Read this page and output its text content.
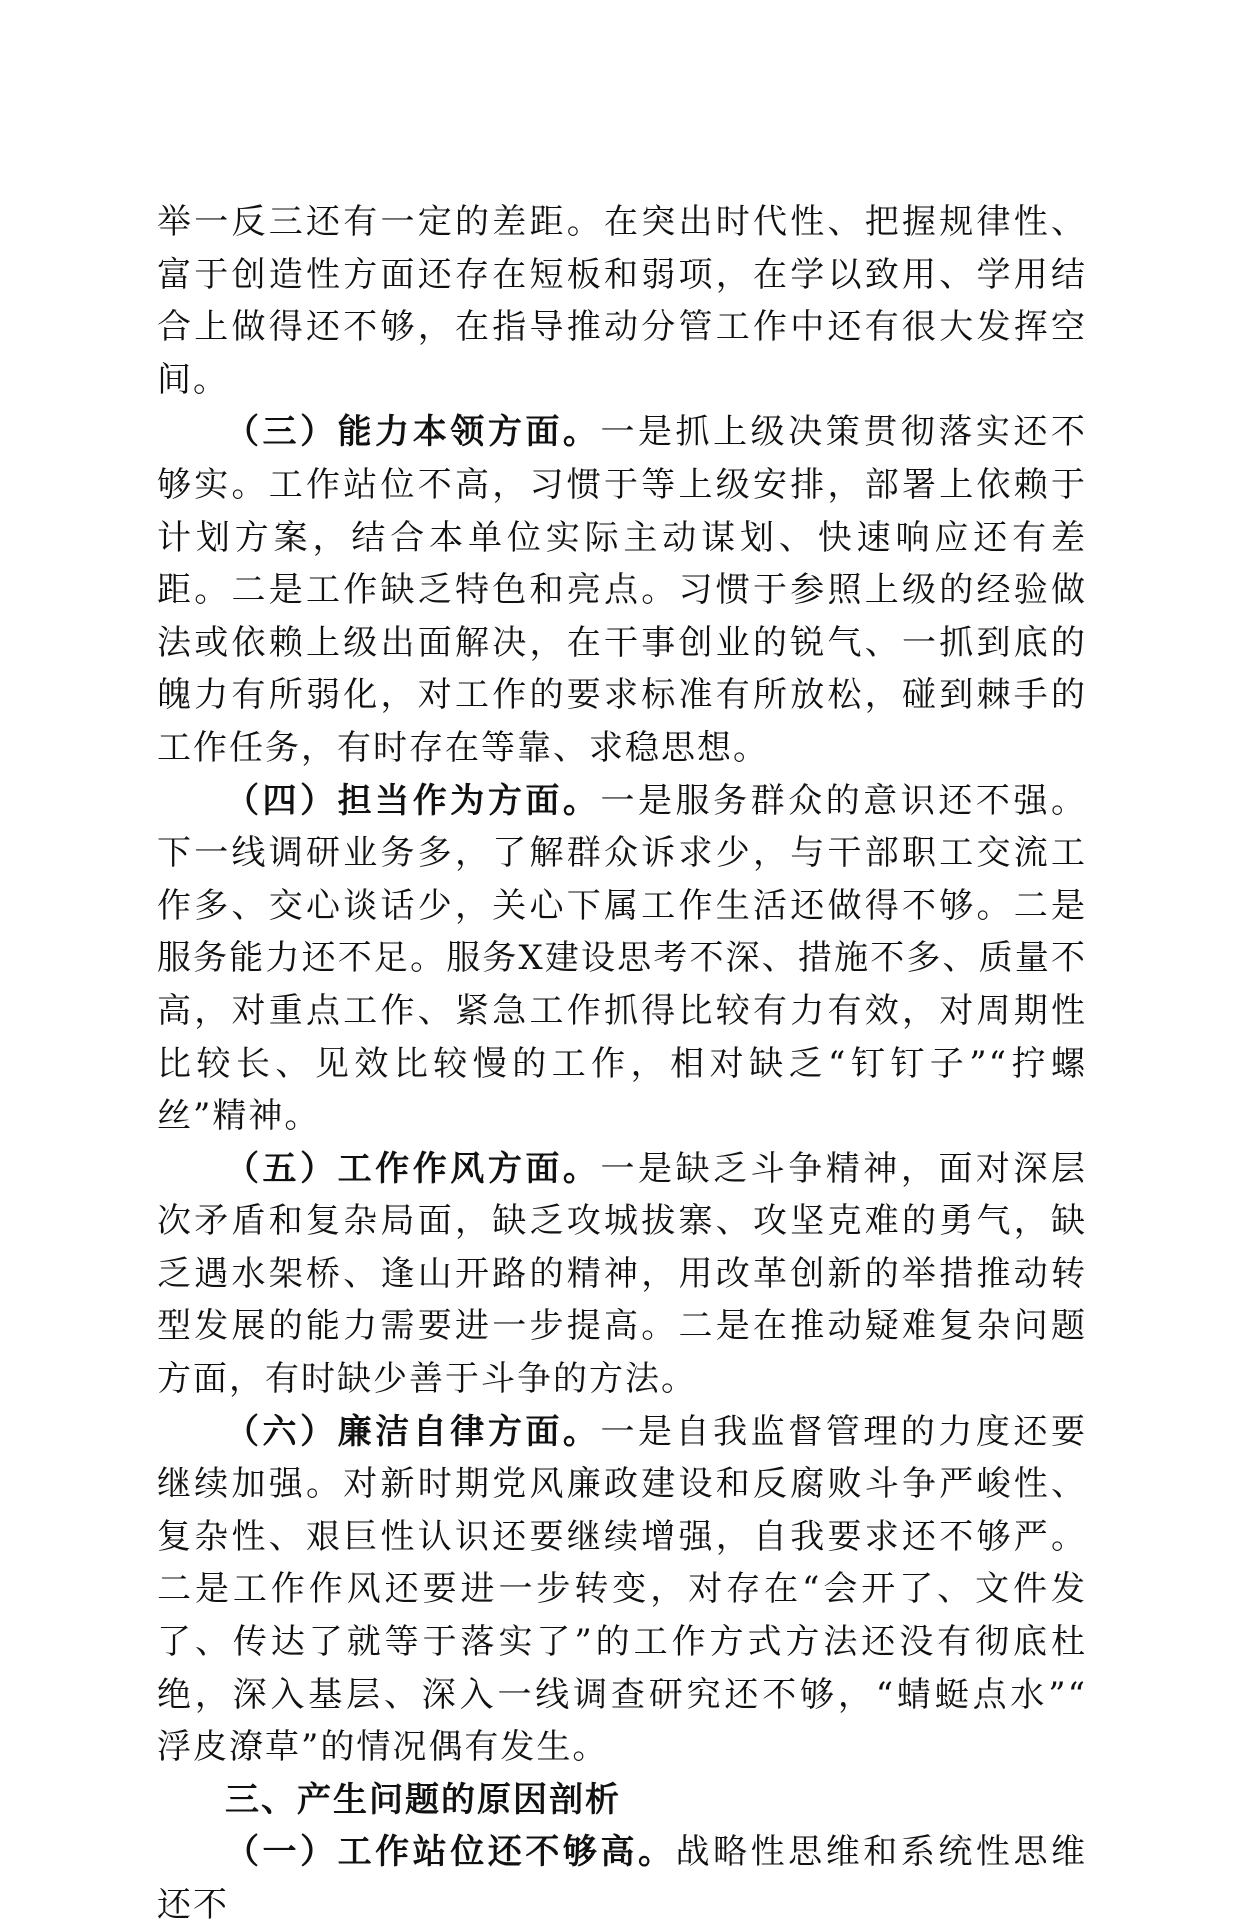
举一反三还有一定的差距。在突出时代性、把握规律性、富于创造性方面还存在短板和弱项，在学以致用、学用结合上做得还不够，在指导推动分管工作中还有很大发挥空间。

（三）能力本领方面。一是抓上级决策贯彻落实还不够实。工作站位不高，习惯于等上级安排，部署上依赖于计划方案，结合本单位实际主动谋划、快速响应还有差距。二是工作缺乏特色和亮点。习惯于参照上级的经验做法或依赖上级出面解决，在干事创业的锐气、一抓到底的魄力有所弱化，对工作的要求标准有所放松，碰到棘手的工作任务，有时存在等靠、求稳思想。

（四）担当作为方面。一是服务群众的意识还不强。下一线调研业务多，了解群众诉求少，与干部职工交流工作多、交心谈话少，关心下属工作生活还做得不够。二是服务能力还不足。服务X建设思考不深、措施不多、质量不高，对重点工作、紧急工作抓得比较有力有效，对周期性比较长、见效比较慢的工作，相对缺乏“钉钉子”“拧螺丝”精神。

（五）工作作风方面。一是缺乏斗争精神，面对深层次矛盾和复杂局面，缺乏攻城拔寨、攻坚克难的勇气，缺乏遇水架桥、逢山开路的精神，用改革创新的举措推动转型发展的能力需要进一步提高。二是在推动疑难复杂问题方面，有时缺少善于斗争的方法。

（六）廉洁自律方面。一是自我监督管理的力度还要继续加强。对新时期党风廉政建设和反腐败斗争严峻性、复杂性、艰巨性认识还要继续增强，自我要求还不够严。二是工作作风还要进一步转变，对存在“会开了、文件发了、传达了就等于落实了”的工作方式方法还没有彻底杜绝，深入基层、深入一线调查研究还不够，“蜻蜓点水”“ 浮皮潦草”的情况偶有发生。

三、产生问题的原因剖析

（一）工作站位还不够高。战略性思维和系统性思维还不
